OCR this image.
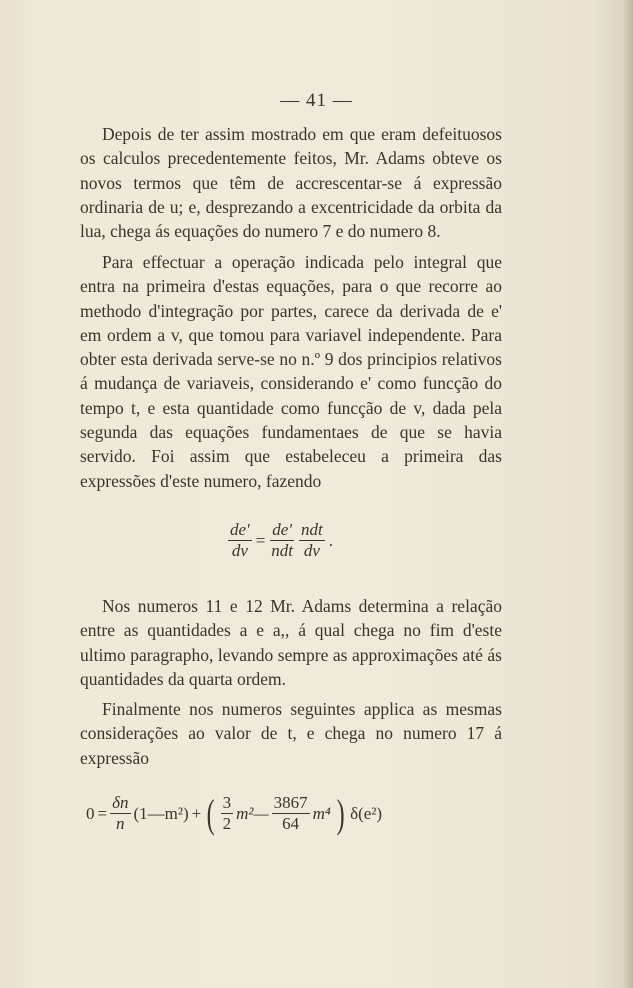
— 41 —

Depois de ter assim mostrado em que eram defeituosos os calculos precedentemente feitos, Mr. Adams obteve os novos termos que têm de accrescentar-se á expressão ordinaria de u; e, desprezando a excentricidade da orbita da lua, chega ás equações do numero 7 e do numero 8.

Para effectuar a operação indicada pelo integral que entra na primeira d'estas equações, para o que recorre ao methodo d'integração por partes, carece da derivada de e' em ordem a v, que tomou para variavel independente. Para obter esta derivada serve-se no n.º 9 dos principios relativos á mudança de variaveis, considerando e' como funcção do tempo t, e esta quantidade como funcção de v, dada pela segunda das equações fundamentaes de que se havia servido. Foi assim que estabeleceu a primeira das expressões d'este numero, fazendo

$\frac{de'}{dv} = \frac{de'}{\text{ndt}} \frac{\text{ndt}}{dv}$ .

Nos numeros 11 e 12 Mr. Adams determina a relação entre as quantidades a e a,, á qual chega no fim d'este ultimo paragrapho, levando sempre as approximações até ás quantidades da quarta ordem.

Finalmente nos numeros seguintes applica as mesmas considerações ao valor de t, e chega no numero 17 á expressão

$0 = \frac{\delta n}{n}$ (1—m²) + ( $\frac{3}{2}$ m²— $\frac{3867}{64} m^4$ ) δ(e²)
